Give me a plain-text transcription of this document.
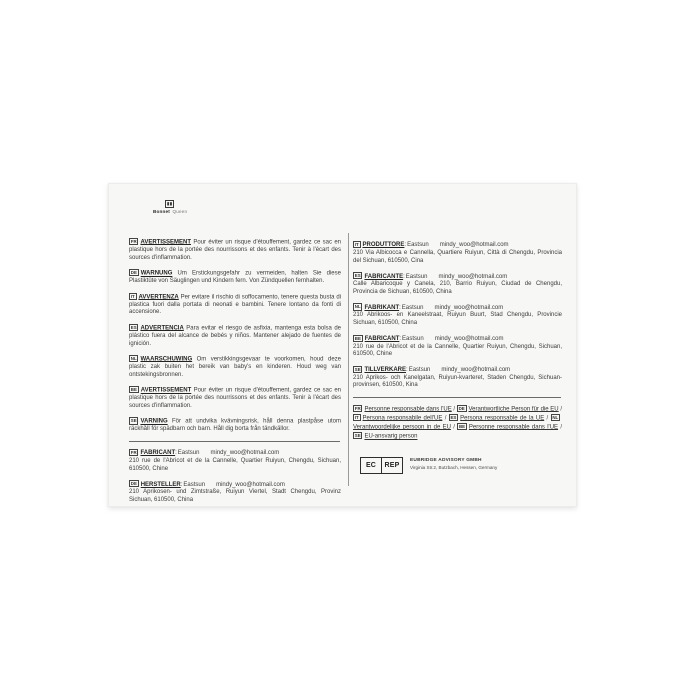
Bonnet Queen

FR AVERTISSEMENT Pour éviter un risque d'étouffement, gardez ce sac en plastique hors de la portée des nourrissons et des enfants. Tenir à l'écart des sources d'inflammation.

DE WARNUNG Um Erstickungsgefahr zu vermeiden, halten Sie diese Plastiktüte von Säuglingen und Kindern fern. Von Zündquellen fernhalten.

IT AVVERTENZA Per evitare il rischio di soffocamento, tenere questa busta di plastica fuori dalla portata di neonati e bambini. Tenere lontano da fonti di accensione.

ES ADVERTENCIA Para evitar el riesgo de asfixia, mantenga esta bolsa de plástico fuera del alcance de bebés y niños. Mantener alejado de fuentes de ignición.

NL WAARSCHUWING Om verstikkingsgevaar te voorkomen, houd deze plastic zak buiten het bereik van baby's en kinderen. Houd weg van ontstekingsbronnen.

BE AVERTISSEMENT Pour éviter un risque d'étouffement, gardez ce sac en plastique hors de la portée des nourrissons et des enfants. Tenir à l'écart des sources d'inflammation.

SE VARNING För att undvika kvävningsrisk, håll denna plastpåse utom räckhåll för spädbarn och barn. Håll dig borta från tändkällor.

FR FABRICANT:Eastsun mindy_woo@hotmail.com
210 rue de l'Abricot et de la Cannelle, Quartier Ruiyun, Chengdu, Sichuan, 610500, Chine

DE HERSTELLER:Eastsun mindy_woo@hotmail.com
210 Aprikosen- und Zimtstraße, Ruiyun Viertel, Stadt Chengdu, Provinz Sichuan, 610500, China

IT PRODUTTORE:Eastsun mindy_woo@hotmail.com
210 Via Albicocca e Cannella, Quartiere Ruiyun, Città di Chengdu, Provincia del Sichuan, 610500, Cina

ES FABRICANTE:Eastsun mindy_woo@hotmail.com
Calle Albaricoque y Canela, 210, Barrio Ruiyun, Ciudad de Chengdu, Provincia de Sichuan, 610500, China

NL FABRIKANT:Eastsun mindy_woo@hotmail.com
210 Abrikoos- en Kaneelstraat, Ruiyun Buurt, Stad Chengdu, Provincie Sichuan, 610500, China

BE FABRICANT:Eastsun mindy_woo@hotmail.com
210 rue de l'Abricot et de la Cannelle, Quartier Ruiyun, Chengdu, Sichuan, 610500, Chine

SE TILLVERKARE:Eastsun mindy_woo@hotmail.com
210 Aprikos- och Kanelgatan, Ruiyun-kvarteret, Staden Chengdu, Sichuan-provinsen, 610500, Kina

FR Personne responsable dans l'UE / DE Verantwortliche Person für die EU / IT Persona responsabile dell'UE / ES Persona responsable de la UE / NLVerantwoordelijke persoon in de EU / BE Personne responsable dans l'UE / SE EU-ansvarig person

EC	REP
EUBRIDGE ADVISORY GMBH
Virginia Str.2, Butzbach, Hessen, Germany
